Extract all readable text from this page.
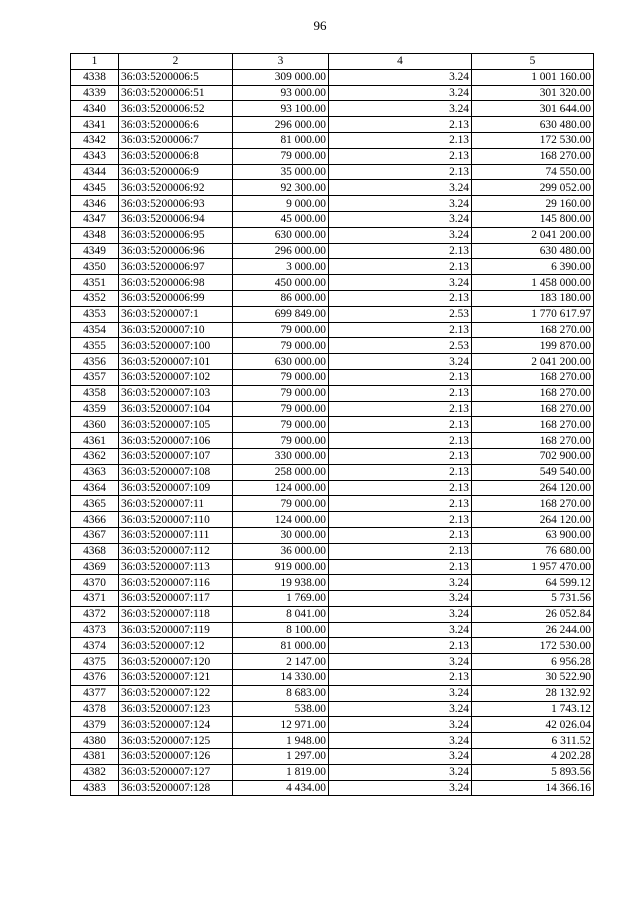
96
1	2	3	4	5
4338	36:03:5200006:5	309 000.00	3.24	1 001 160.00
4339	36:03:5200006:51	93 000.00	3.24	301 320.00
4340	36:03:5200006:52	93 100.00	3.24	301 644.00
4341	36:03:5200006:6	296 000.00	2.13	630 480.00
4342	36:03:5200006:7	81 000.00	2.13	172 530.00
4343	36:03:5200006:8	79 000.00	2.13	168 270.00
4344	36:03:5200006:9	35 000.00	2.13	74 550.00
4345	36:03:5200006:92	92 300.00	3.24	299 052.00
4346	36:03:5200006:93	9 000.00	3.24	29 160.00
4347	36:03:5200006:94	45 000.00	3.24	145 800.00
4348	36:03:5200006:95	630 000.00	3.24	2 041 200.00
4349	36:03:5200006:96	296 000.00	2.13	630 480.00
4350	36:03:5200006:97	3 000.00	2.13	6 390.00
4351	36:03:5200006:98	450 000.00	3.24	1 458 000.00
4352	36:03:5200006:99	86 000.00	2.13	183 180.00
4353	36:03:5200007:1	699 849.00	2.53	1 770 617.97
4354	36:03:5200007:10	79 000.00	2.13	168 270.00
4355	36:03:5200007:100	79 000.00	2.53	199 870.00
4356	36:03:5200007:101	630 000.00	3.24	2 041 200.00
4357	36:03:5200007:102	79 000.00	2.13	168 270.00
4358	36:03:5200007:103	79 000.00	2.13	168 270.00
4359	36:03:5200007:104	79 000.00	2.13	168 270.00
4360	36:03:5200007:105	79 000.00	2.13	168 270.00
4361	36:03:5200007:106	79 000.00	2.13	168 270.00
4362	36:03:5200007:107	330 000.00	2.13	702 900.00
4363	36:03:5200007:108	258 000.00	2.13	549 540.00
4364	36:03:5200007:109	124 000.00	2.13	264 120.00
4365	36:03:5200007:11	79 000.00	2.13	168 270.00
4366	36:03:5200007:110	124 000.00	2.13	264 120.00
4367	36:03:5200007:111	30 000.00	2.13	63 900.00
4368	36:03:5200007:112	36 000.00	2.13	76 680.00
4369	36:03:5200007:113	919 000.00	2.13	1 957 470.00
4370	36:03:5200007:116	19 938.00	3.24	64 599.12
4371	36:03:5200007:117	1 769.00	3.24	5 731.56
4372	36:03:5200007:118	8 041.00	3.24	26 052.84
4373	36:03:5200007:119	8 100.00	3.24	26 244.00
4374	36:03:5200007:12	81 000.00	2.13	172 530.00
4375	36:03:5200007:120	2 147.00	3.24	6 956.28
4376	36:03:5200007:121	14 330.00	2.13	30 522.90
4377	36:03:5200007:122	8 683.00	3.24	28 132.92
4378	36:03:5200007:123	538.00	3.24	1 743.12
4379	36:03:5200007:124	12 971.00	3.24	42 026.04
4380	36:03:5200007:125	1 948.00	3.24	6 311.52
4381	36:03:5200007:126	1 297.00	3.24	4 202.28
4382	36:03:5200007:127	1 819.00	3.24	5 893.56
4383	36:03:5200007:128	4 434.00	3.24	14 366.16
